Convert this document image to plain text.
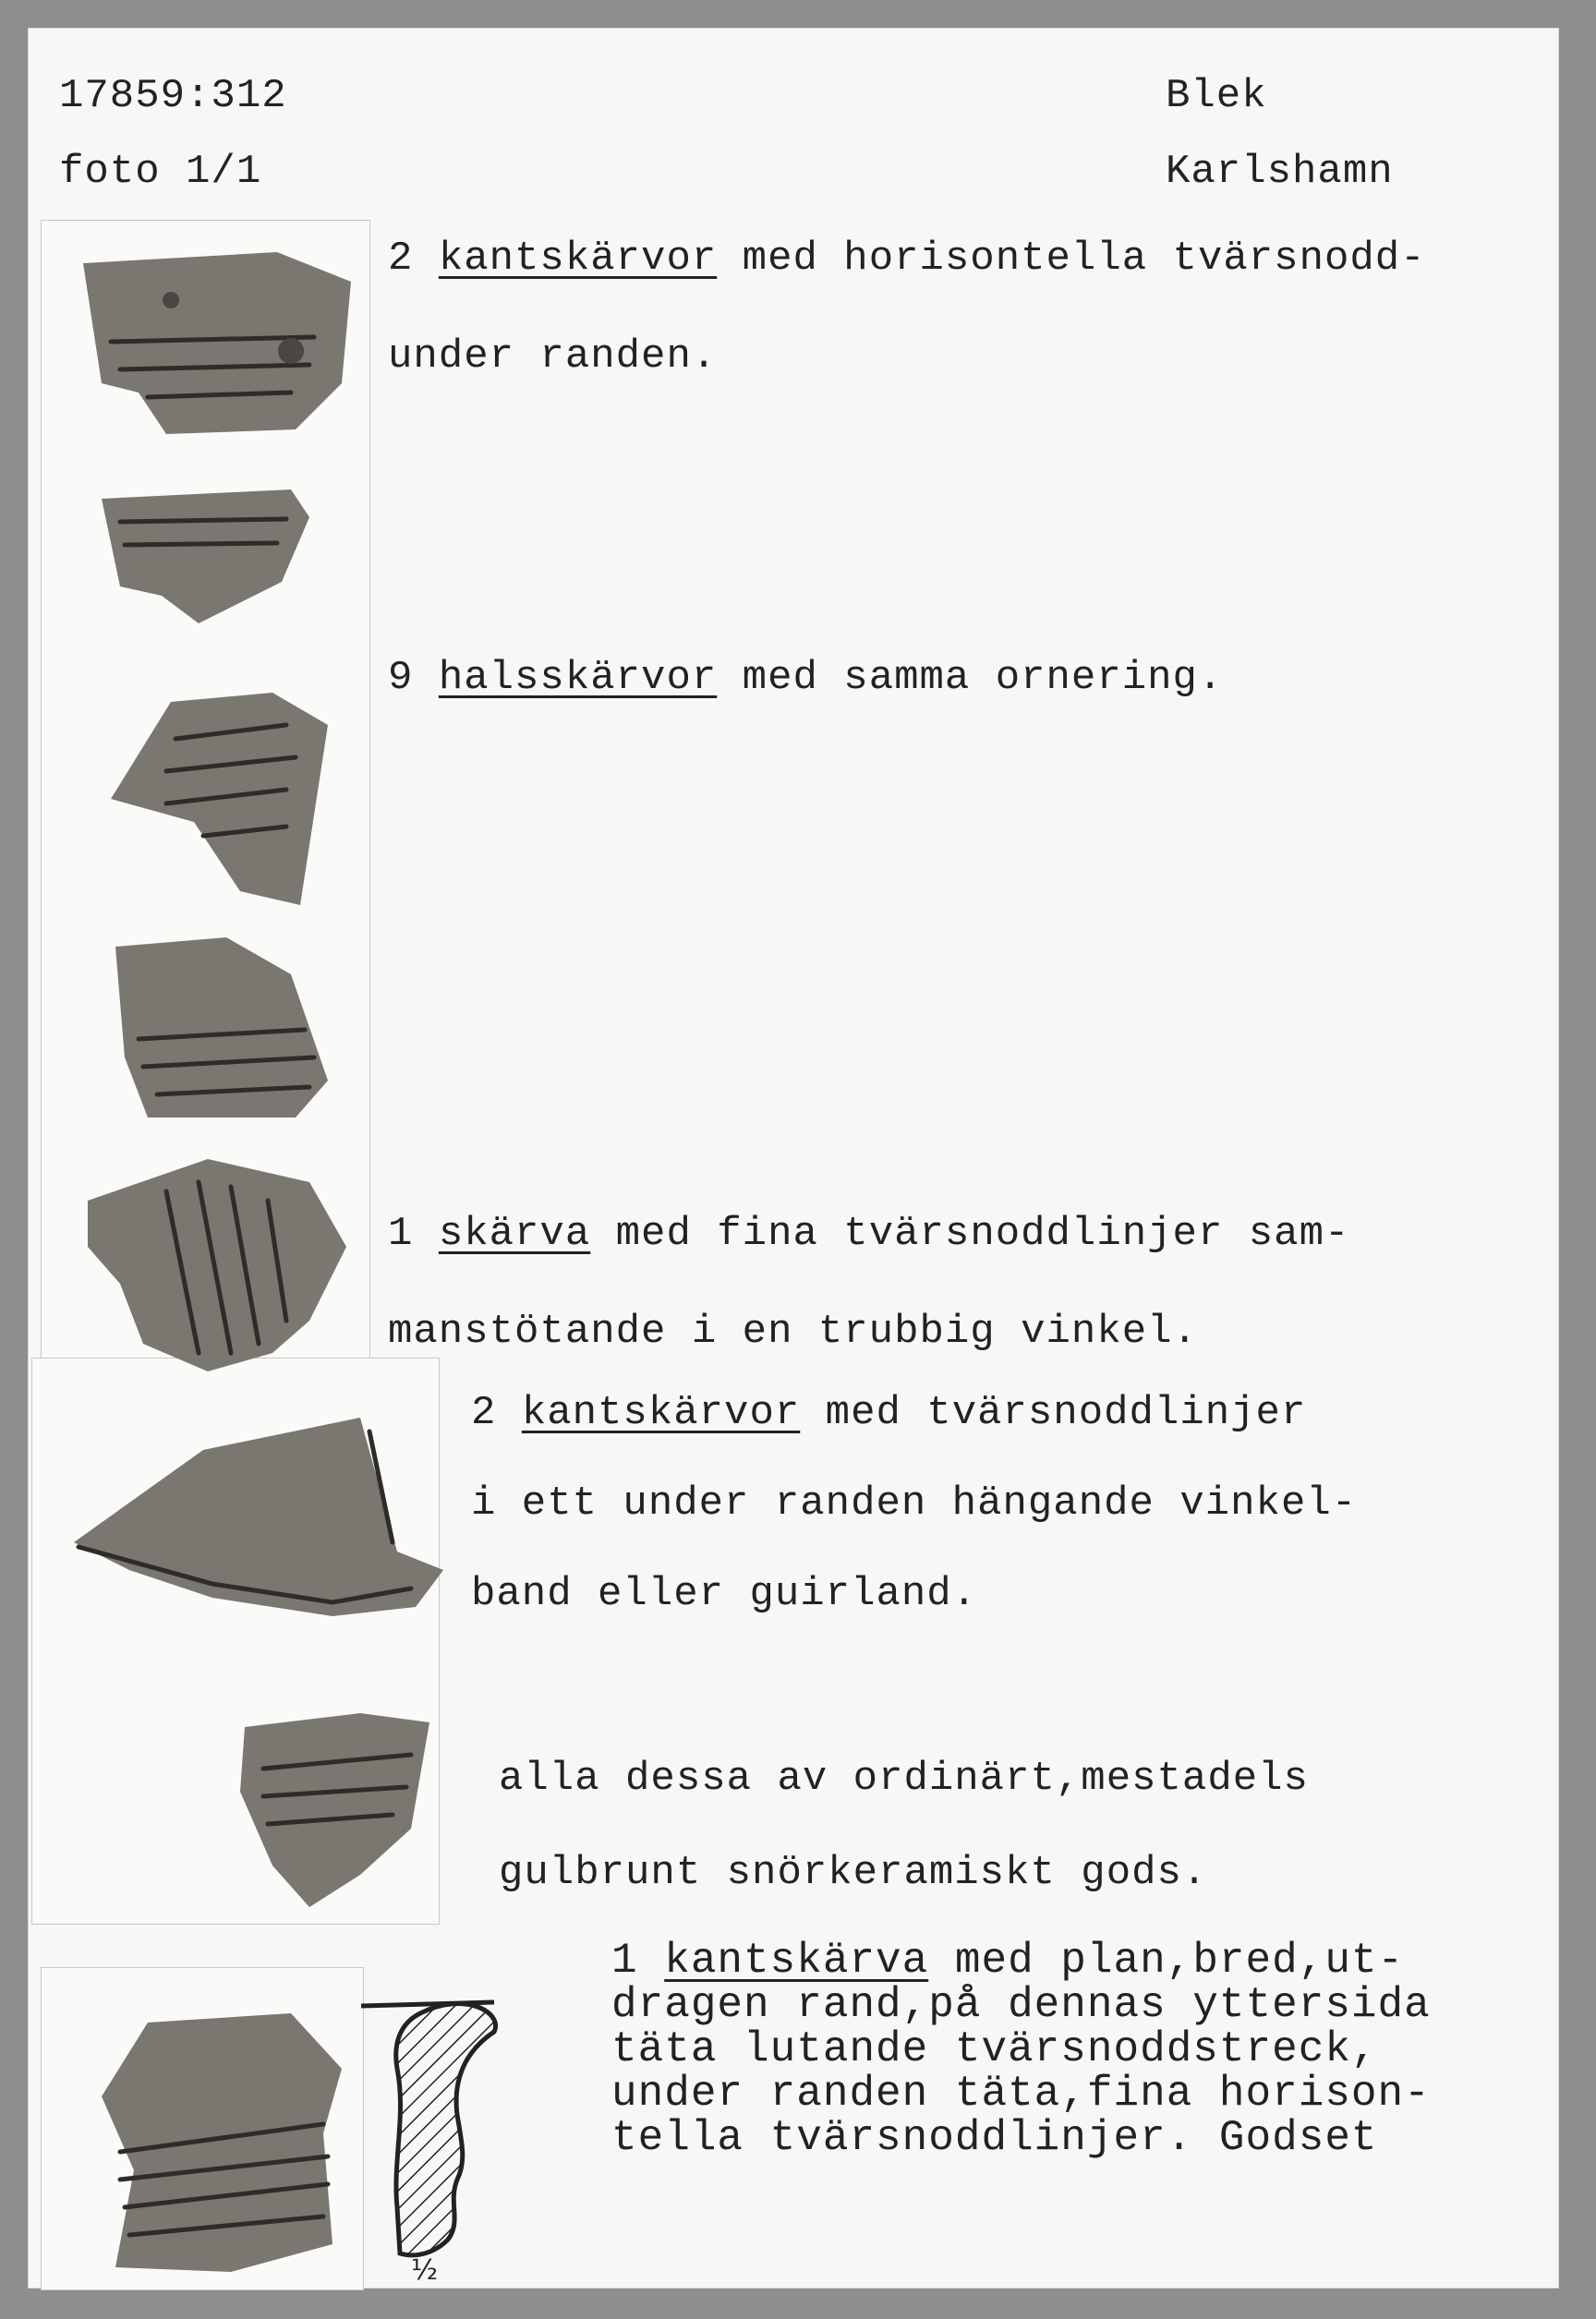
17859:312
foto 1/1
Blek
Karlshamn
2 kantskärvor med horisontella tvärsnodd-
under randen.
9 halsskärvor med samma ornering.
1 skärva med fina tvärsnoddlinjer sam-
manstötande i en trubbig vinkel.
2 kantskärvor med tvärsnoddlinjer
i ett under randen hängande vinkel-
band eller guirland.
alla dessa av ordinärt,mestadels
gulbrunt snörkeramiskt gods.
1 kantskärva med plan,bred,ut-
dragen rand,på dennas yttersida
täta lutande tvärsnoddstreck,
under randen täta,fina horison-
tella tvärsnoddlinjer. Godset
½
